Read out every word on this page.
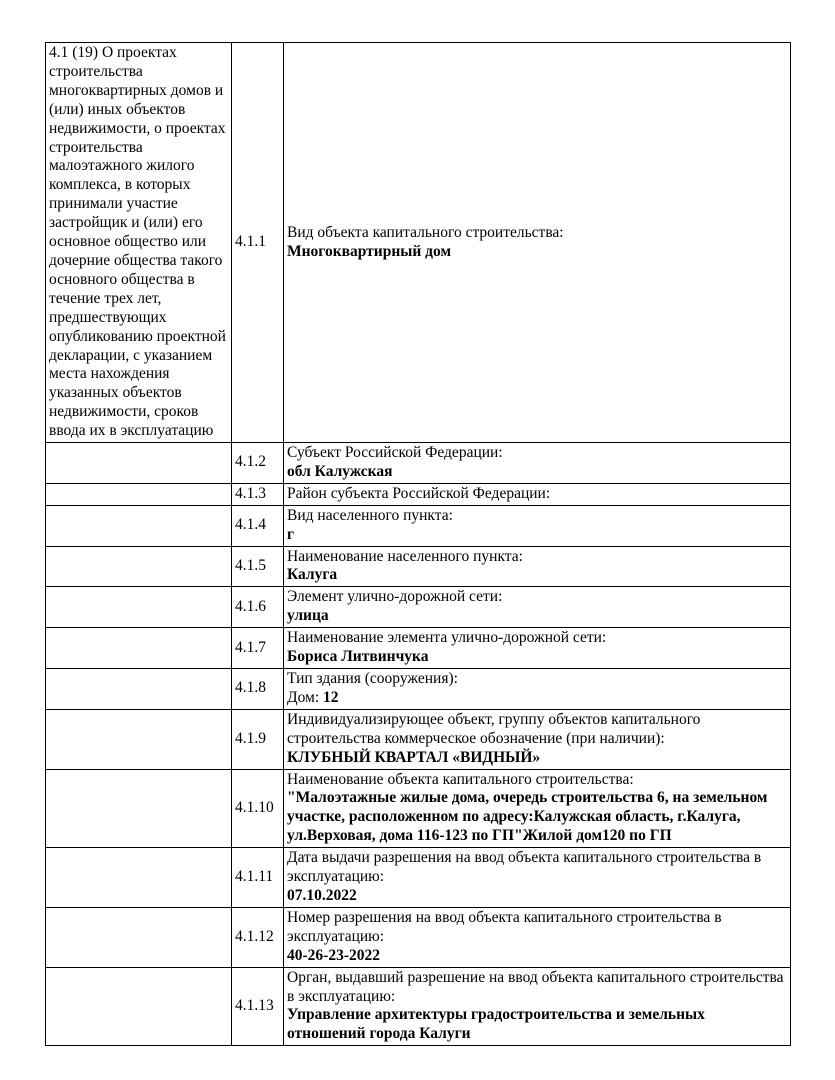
4.1 (19) О проектах строительства многоквартирных домов и (или) иных объектов недвижимости, о проектах строительства малоэтажного жилого комплекса, в которых принимали участие застройщик и (или) его основное общество или дочерние общества такого основного общества в течение трех лет, предшествующих опубликованию проектной декларации, с указанием места нахождения указанных объектов недвижимости, сроков ввода их в эксплуатацию	4.1.1	Вид объекта капитального строительства:
Многоквартирный дом

	4.1.2	Субъект Российской Федерации:
обл Калужская

	4.1.3	Район субъекта Российской Федерации:

	4.1.4	Вид населенного пункта:
г

	4.1.5	Наименование населенного пункта:
Калуга

	4.1.6	Элемент улично-дорожной сети:
улица

	4.1.7	Наименование элемента улично-дорожной сети:
Бориса Литвинчука

	4.1.8	Тип здания (сооружения):
Дом: 12

	4.1.9	Индивидуализирующее объект, группу объектов капитального строительства коммерческое обозначение (при наличии):
КЛУБНЫЙ КВАРТАЛ «ВИДНЫЙ»

	4.1.10	Наименование объекта капитального строительства:
"Малоэтажные жилые дома, очередь строительства 6, на земельном участке, расположенном по адресу:Калужская область, г.Калуга, ул.Верховая, дома 116-123 по ГП"Жилой дом120 по ГП

	4.1.11	Дата выдачи разрешения на ввод объекта капитального строительства в эксплуатацию:
07.10.2022

	4.1.12	Номер разрешения на ввод объекта капитального строительства в эксплуатацию:
40-26-23-2022

	4.1.13	Орган, выдавший разрешение на ввод объекта капитального строительства в эксплуатацию:
Управление архитектуры градостроительства и земельных отношений города Калуги
